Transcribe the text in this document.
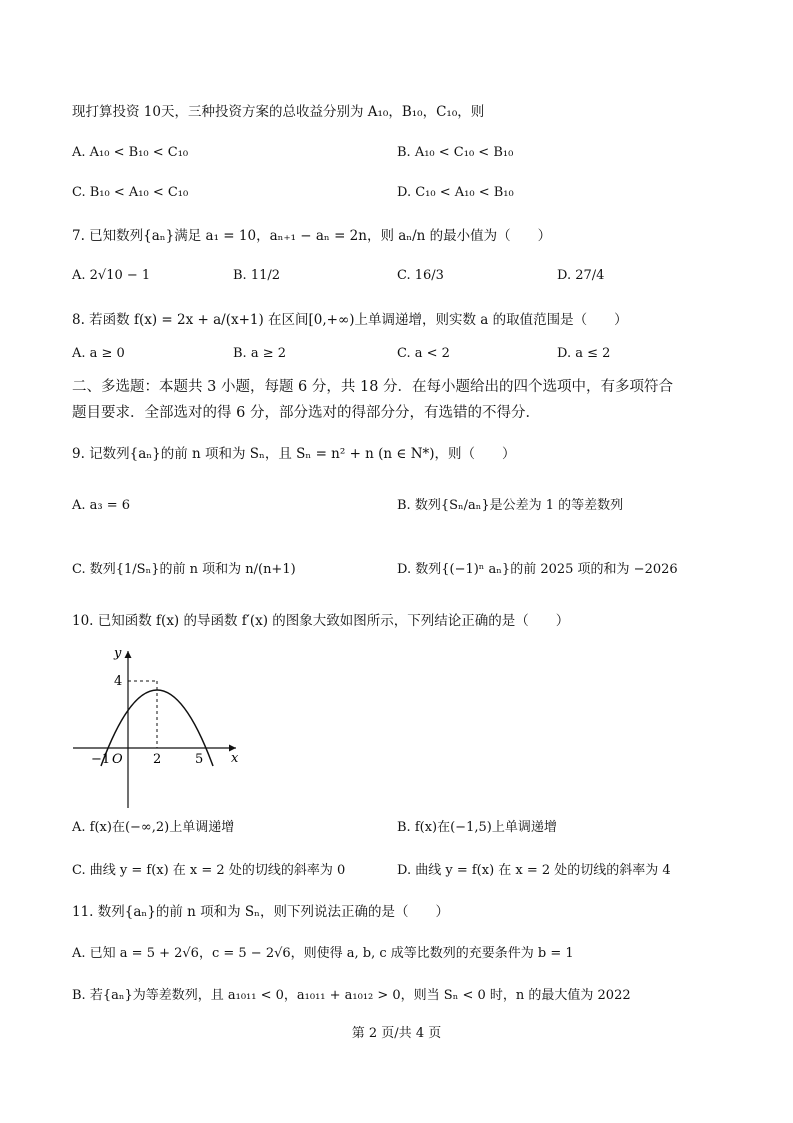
现打算投资 10天，三种投资方案的总收益分别为 A₁₀，B₁₀，C₁₀，则
A. A₁₀ < B₁₀ < C₁₀	B. A₁₀ < C₁₀ < B₁₀
C. B₁₀ < A₁₀ < C₁₀	D. C₁₀ < A₁₀ < B₁₀
7. 已知数列{aₙ}满足 a₁ = 10，aₙ₊₁ − aₙ = 2n，则 aₙ/n 的最小值为（　　）
A. 2√10 − 1	B. 11/2	C. 16/3	D. 27/4
8. 若函数 f(x) = 2x + a/(x+1) 在区间[0,+∞)上单调递增，则实数 a 的取值范围是（　　）
A. a ≥ 0	B. a ≥ 2	C. a < 2	D. a ≤ 2
二、多选题：本题共 3 小题，每题 6 分，共 18 分．在每小题给出的四个选项中，有多项符合
题目要求．全部选对的得 6 分，部分选对的得部分分，有选错的不得分．
9. 记数列{aₙ}的前 n 项和为 Sₙ，且 Sₙ = n² + n (n ∈ N*)，则（　　）
A. a₃ = 6	B. 数列{Sₙ/aₙ}是公差为 1 的等差数列
C. 数列{1/Sₙ}的前 n 项和为 n/(n+1)	D. 数列{(−1)ⁿ aₙ}的前 2025 项的和为 −2026
10. 已知函数 f(x) 的导函数 f′(x) 的图象大致如图所示，下列结论正确的是（　　）
y
x
4
−1 O 2	5
A. f(x)在(−∞,2)上单调递增	B. f(x)在(−1,5)上单调递增
C. 曲线 y = f(x) 在 x = 2 处的切线的斜率为 0	D. 曲线 y = f(x) 在 x = 2 处的切线的斜率为 4
11. 数列{aₙ}的前 n 项和为 Sₙ，则下列说法正确的是（　　）
A. 已知 a = 5 + 2√6，c = 5 − 2√6，则使得 a, b, c 成等比数列的充要条件为 b = 1
B. 若{aₙ}为等差数列，且 a₁₀₁₁ < 0，a₁₀₁₁ + a₁₀₁₂ > 0，则当 Sₙ < 0 时，n 的最大值为 2022
第 2 页/共 4 页
